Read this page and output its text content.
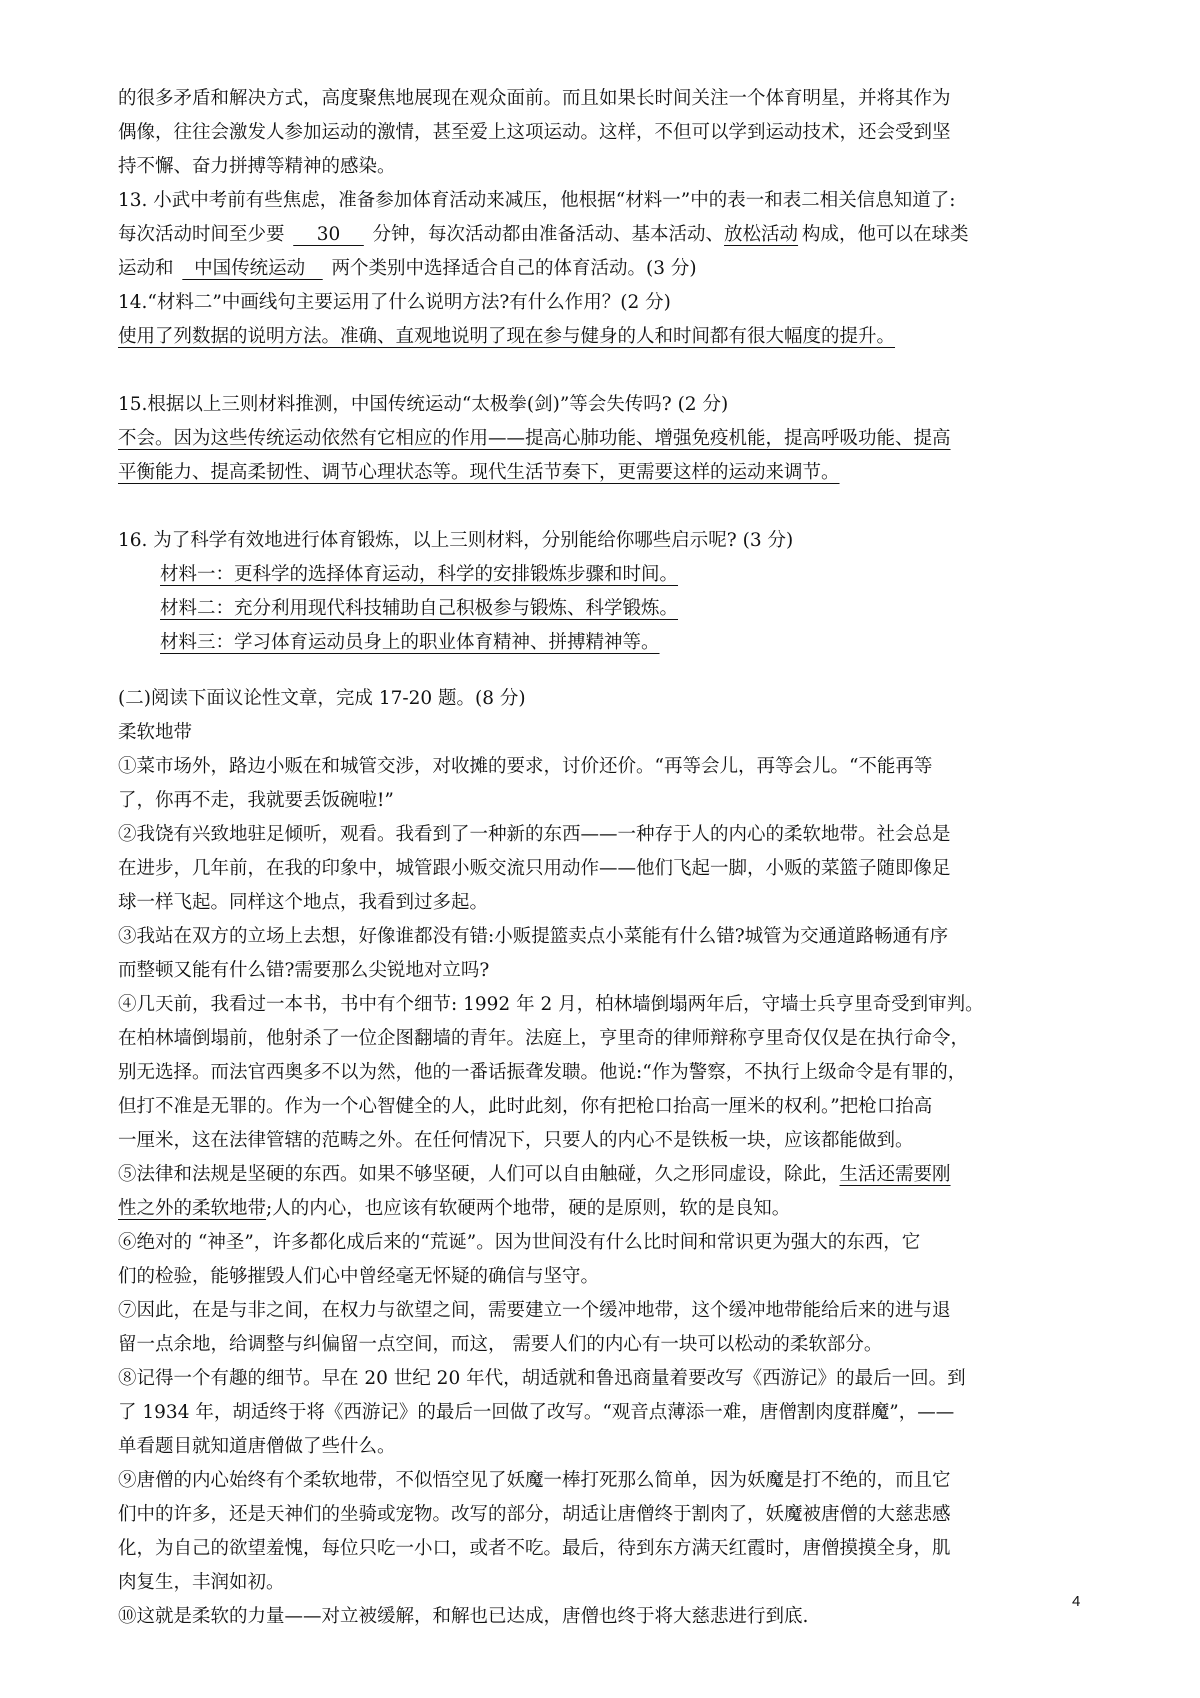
的很多矛盾和解决方式，高度聚焦地展现在观众面前。而且如果长时间关注一个体育明星，并将其作为

偶像，往往会激发人参加运动的激情，甚至爱上这项运动。这样，不但可以学到运动技术，还会受到坚

持不懈、奋力拼搏等精神的感染。

13. 小武中考前有些焦虑，准备参加体育活动来减压，他根据“材料一”中的表一和表二相关信息知道了:

每次活动时间至少要    30    分钟，每次活动都由准备活动、基本活动、放松活动 构成，他可以在球类

运动和  中国传统运动   两个类别中选择适合自己的体育活动。(3 分)

14.“材料二”中画线句主要运用了什么说明方法?有什么作用？(2 分)

使用了列数据的说明方法。准确、直观地说明了现在参与健身的人和时间都有很大幅度的提升。

15.根据以上三则材料推测，中国传统运动“太极拳(剑)”等会失传吗? (2 分)

不会。因为这些传统运动依然有它相应的作用——提高心肺功能、增强免疫机能，提高呼吸功能、提高

平衡能力、提高柔韧性、调节心理状态等。现代生活节奏下，更需要这样的运动来调节。

16. 为了科学有效地进行体育锻炼，以上三则材料，分别能给你哪些启示呢? (3 分)

材料一：更科学的选择体育运动，科学的安排锻炼步骤和时间。

材料二：充分利用现代科技辅助自己积极参与锻炼、科学锻炼。

材料三：学习体育运动员身上的职业体育精神、拼搏精神等。

(二)阅读下面议论性文章，完成 17-20 题。(8 分)

柔软地带

①菜市场外，路边小贩在和城管交涉，对收摊的要求，讨价还价。“再等会儿，再等会儿。“不能再等

了，你再不走，我就要丢饭碗啦!”

②我饶有兴致地驻足倾听，观看。我看到了一种新的东西——一种存于人的内心的柔软地带。社会总是

在进步，几年前，在我的印象中，城管跟小贩交流只用动作——他们飞起一脚，小贩的菜篮子随即像足

球一样飞起。同样这个地点，我看到过多起。

③我站在双方的立场上去想，好像谁都没有错:小贩提篮卖点小菜能有什么错?城管为交通道路畅通有序

而整顿又能有什么错?需要那么尖锐地对立吗?

④几天前，我看过一本书，书中有个细节: 1992 年 2 月，柏林墙倒塌两年后，守墙士兵亨里奇受到审判。

在柏林墙倒塌前，他射杀了一位企图翻墙的青年。法庭上，亨里奇的律师辩称亨里奇仅仅是在执行命令，

别无选择。而法官西奥多不以为然，他的一番话振聋发聩。他说:“作为警察，不执行上级命令是有罪的，

但打不准是无罪的。作为一个心智健全的人，此时此刻，你有把枪口抬高一厘米的权利。”把枪口抬高

一厘米，这在法律管辖的范畴之外。在任何情况下，只要人的内心不是铁板一块，应该都能做到。

⑤法律和法规是坚硬的东西。如果不够坚硬，人们可以自由触碰，久之形同虚设，除此，生活还需要刚

性之外的柔软地带;人的内心，也应该有软硬两个地带，硬的是原则，软的是良知。

⑥绝对的 “神圣”，许多都化成后来的“荒诞”。因为世间没有什么比时间和常识更为强大的东西，它

们的检验，能够摧毁人们心中曾经毫无怀疑的确信与坚守。

⑦因此，在是与非之间，在权力与欲望之间，需要建立一个缓冲地带，这个缓冲地带能给后来的进与退

留一点余地，给调整与纠偏留一点空间，而这， 需要人们的内心有一块可以松动的柔软部分。

⑧记得一个有趣的细节。早在 20 世纪 20 年代，胡适就和鲁迅商量着要改写《西游记》的最后一回。到

了 1934 年，胡适终于将《西游记》的最后一回做了改写。“观音点薄添一难，唐僧割肉度群魔”，——

单看题目就知道唐僧做了些什么。

⑨唐僧的内心始终有个柔软地带，不似悟空见了妖魔一棒打死那么简单，因为妖魔是打不绝的，而且它

们中的许多，还是天神们的坐骑或宠物。改写的部分，胡适让唐僧终于割肉了，妖魔被唐僧的大慈悲感

化，为自己的欲望羞愧，每位只吃一小口，或者不吃。最后，待到东方满天红霞时，唐僧摸摸全身，肌

肉复生，丰润如初。

⑩这就是柔软的力量——对立被缓解，和解也已达成，唐僧也终于将大慈悲进行到底.

4
